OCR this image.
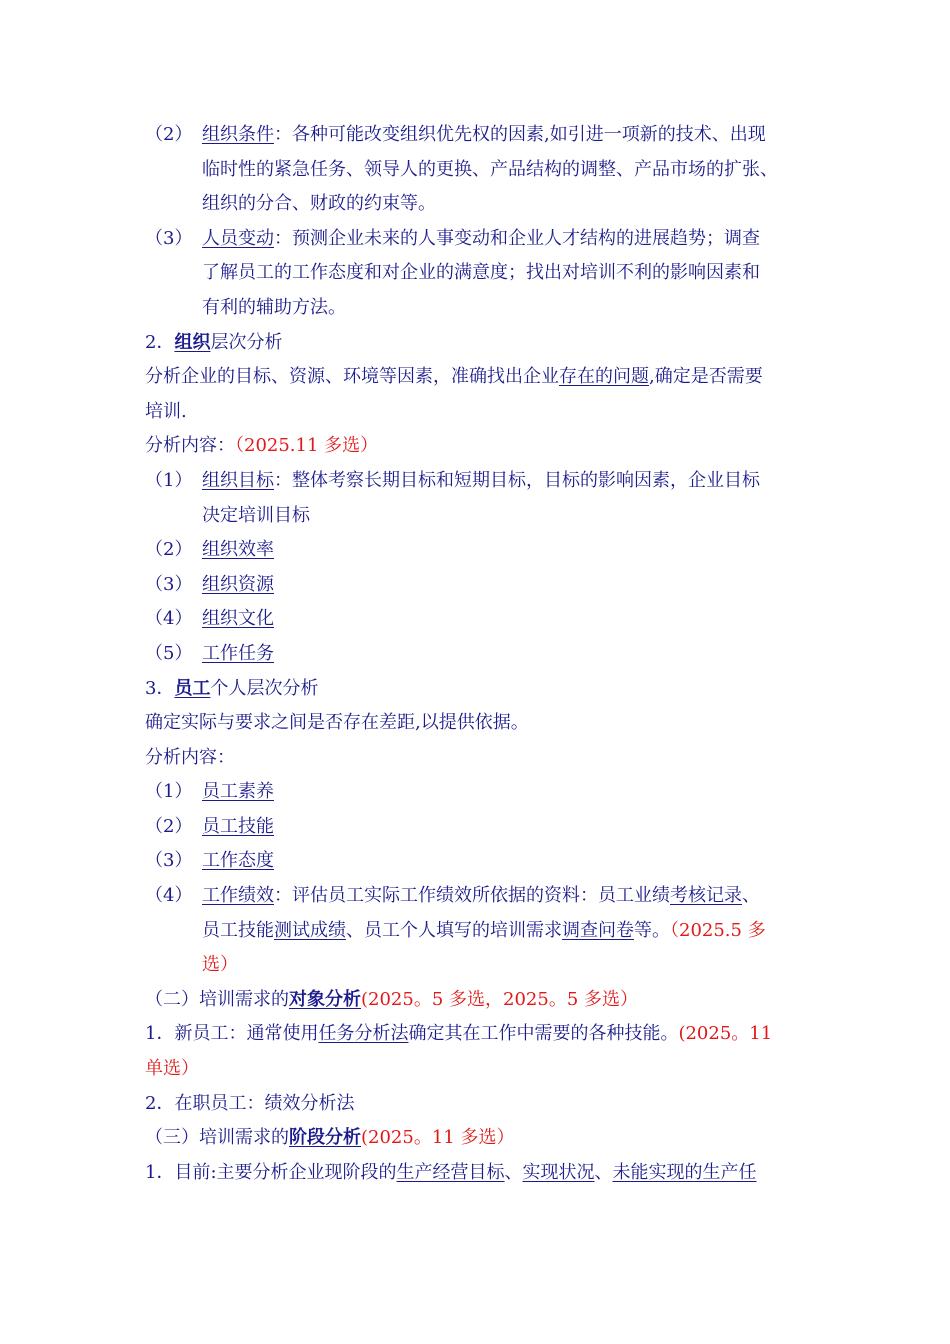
（2） 组织条件：各种可能改变组织优先权的因素,如引进一项新的技术、出现
临时性的紧急任务、领导人的更换、产品结构的调整、产品市场的扩张、
组织的分合、财政的约束等。
（3） 人员变动：预测企业未来的人事变动和企业人才结构的进展趋势；调查
了解员工的工作态度和对企业的满意度；找出对培训不利的影响因素和
有利的辅助方法。
2．组织层次分析
分析企业的目标、资源、环境等因素，准确找出企业存在的问题,确定是否需要
培训.
分析内容：（2025.11 多选）
（1） 组织目标：整体考察长期目标和短期目标，目标的影响因素，企业目标
决定培训目标
（2） 组织效率
（3） 组织资源
（4） 组织文化
（5） 工作任务
3．员工个人层次分析
确定实际与要求之间是否存在差距,以提供依据。
分析内容：
（1） 员工素养
（2） 员工技能
（3） 工作态度
（4） 工作绩效：评估员工实际工作绩效所依据的资料：员工业绩考核记录、
员工技能测试成绩、员工个人填写的培训需求调查问卷等。（2025.5 多
选）
（二）培训需求的对象分析(2025。5 多选，2025。5 多选）
1．新员工：通常使用任务分析法确定其在工作中需要的各种技能。(2025。11
单选）
2．在职员工：绩效分析法
（三）培训需求的阶段分析(2025。11 多选）
1．目前:主要分析企业现阶段的生产经营目标、实现状况、未能实现的生产任
